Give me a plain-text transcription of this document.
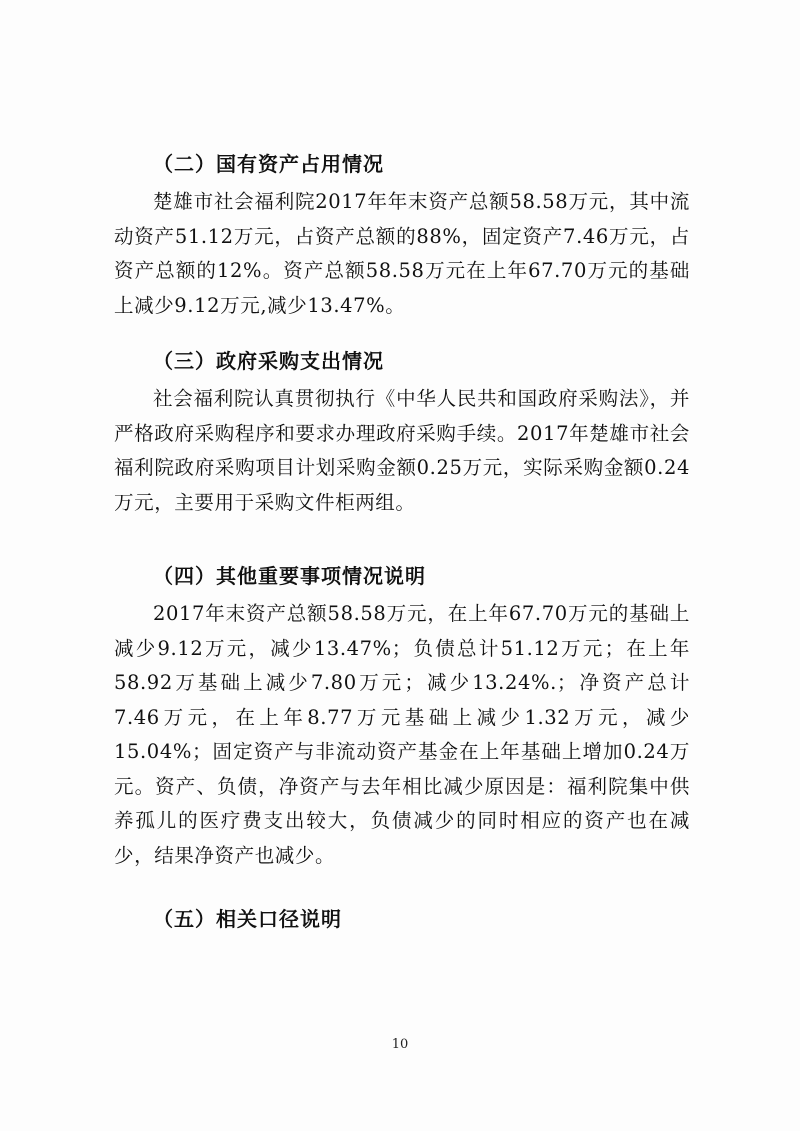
（二）国有资产占用情况
楚雄市社会福利院2017年年末资产总额58.58万元，其中流动资产51.12万元，占资产总额的88%，固定资产7.46万元，占资产总额的12%。资产总额58.58万元在上年67.70万元的基础上减少9.12万元,减少13.47%。
（三）政府采购支出情况
社会福利院认真贯彻执行《中华人民共和国政府采购法》，并严格政府采购程序和要求办理政府采购手续。2017年楚雄市社会福利院政府采购项目计划采购金额0.25万元，实际采购金额0.24万元，主要用于采购文件柜两组。
（四）其他重要事项情况说明
2017年末资产总额58.58万元，在上年67.70万元的基础上减少9.12万元，减少13.47%；负债总计51.12万元；在上年58.92万基础上减少7.80万元；减少13.24%.；净资产总计7.46万元，在上年8.77万元基础上减少1.32万元，减少15.04%；固定资产与非流动资产基金在上年基础上增加0.24万元。资产、负债，净资产与去年相比减少原因是：福利院集中供养孤儿的医疗费支出较大，负债减少的同时相应的资产也在减少，结果净资产也减少。
（五）相关口径说明
10
